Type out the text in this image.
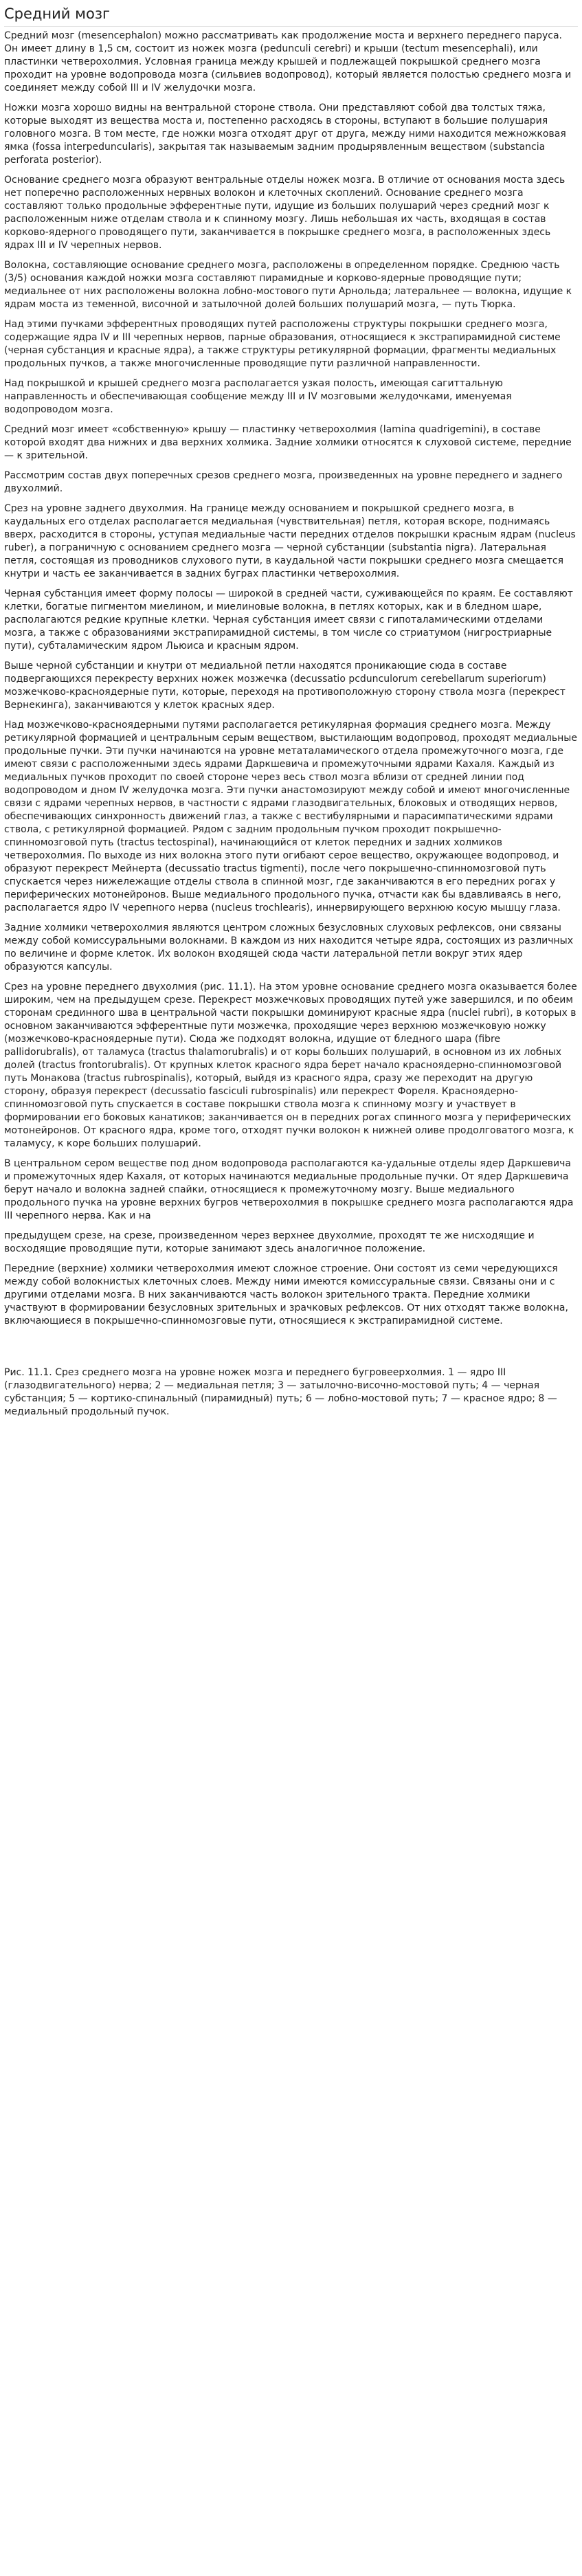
Средний мозг

Средний мозг (mesencephalon) можно рассматривать как продолжение моста и верхнего переднего паруса. Он имеет длину в 1,5 см, состоит из ножек мозга (pedunculi cerebri) и крыши (tectum mesencephali), или пластинки четверохолмия. Условная граница между крышей и подлежащей покрышкой среднего мозга проходит на уровне водопровода мозга (сильвиев водопровод), который является полостью среднего мозга и соединяет между собой III и IV желудочки мозга.

Ножки мозга хорошо видны на вентральной стороне ствола. Они представляют собой два толстых тяжа, которые выходят из вещества моста и, постепенно расходясь в стороны, вступают в большие полушария головного мозга. В том месте, где ножки мозга отходят друг от друга, между ними находится межножковая ямка (fossa interpeduncularis), закрытая так называемым задним продырявленным веществом (substancia perforata posterior).

Основание среднего мозга образуют вентральные отделы ножек мозга. В отличие от основания моста здесь нет поперечно расположенных нервных волокон и клеточных скоплений. Основание среднего мозга составляют только продольные эфферентные пути, идущие из больших полушарий через средний мозг к расположенным ниже отделам ствола и к спинному мозгу. Лишь небольшая их часть, входящая в состав корково-ядерного проводящего пути, заканчивается в покрышке среднего мозга, в расположенных здесь ядрах III и IV черепных нервов.

Волокна, составляющие основание среднего мозга, расположены в определенном порядке. Среднюю часть (3/5) основания каждой ножки мозга составляют пирамидные и корково-ядерные проводящие пути; медиальнее от них расположены волокна лобно-мостового пути Арнольда; латеральнее — волокна, идущие к ядрам моста из теменной, височной и затылочной долей больших полушарий мозга, — путь Тюрка.

Над этими пучками эфферентных проводящих путей расположены структуры покрышки среднего мозга, содержащие ядра IV и III черепных нервов, парные образования, относящиеся к экстрапирамидной системе (черная субстанция и красные ядра), а также структуры ретикулярной формации, фрагменты медиальных продольных пучков, а также многочисленные проводящие пути различной направленности.

Над покрышкой и крышей среднего мозга располагается узкая полость, имеющая сагиттальную направленность и обеспечивающая сообщение между III и IV мозговыми желудочками, именуемая водопроводом мозга.

Средний мозг имеет «собственную» крышу — пластинку четверохолмия (lamina quadrigemini), в составе которой входят два нижних и два верхних холмика. Задние холмики относятся к слуховой системе, передние — к зрительной.

Рассмотрим состав двух поперечных срезов среднего мозга, произведенных на уровне переднего и заднего двухолмий.

Срез на уровне заднего двухолмия. На границе между основанием и покрышкой среднего мозга, в каудальных его отделах располагается медиальная (чувствительная) петля, которая вскоре, поднимаясь вверх, расходится в стороны, уступая медиальные части передних отделов покрышки красным ядрам (nucleus ruber), а пограничную с основанием среднего мозга — черной субстанции (substantia nigra). Латеральная петля, состоящая из проводников слухового пути, в каудальной части покрышки среднего мозга смещается кнутри и часть ее заканчивается в задних буграх пластинки четверохолмия.

Черная субстанция имеет форму полосы — широкой в средней части, суживающейся по краям. Ее составляют клетки, богатые пигментом миелином, и миелиновые волокна, в петлях которых, как и в бледном шаре, располагаются редкие крупные клетки. Черная субстанция имеет связи с гипоталамическими отделами мозга, а также с образованиями экстрапирамидной системы, в том числе со стриатумом (нигростриарные пути), субталамическим ядром Льюиса и красным ядром.

Выше черной субстанции и кнутри от медиальной петли находятся проникающие сюда в составе подвергающихся перекресту верхних ножек мозжечка (decussatio pcdunculorum cerebellarum superiorum) мозжечково-красноядерные пути, которые, переходя на противоположную сторону ствола мозга (перекрест Вернекинга), заканчиваются у клеток красных ядер.

Над мозжечково-красноядерными путями располагается ретикулярная формация среднего мозга. Между ретикулярной формацией и центральным серым веществом, выстилающим водопровод, проходят медиальные продольные пучки. Эти пучки начинаются на уровне метаталамического отдела промежуточного мозга, где имеют связи с расположенными здесь ядрами Даркшевича и промежуточными ядрами Кахаля. Каждый из медиальных пучков проходит по своей стороне через весь ствол мозга вблизи от средней линии под водопроводом и дном IV желудочка мозга. Эти пучки анастомозируют между собой и имеют многочисленные связи с ядрами черепных нервов, в частности с ядрами глазодвигательных, блоковых и отводящих нервов, обеспечивающих синхронность движений глаз, а также с вестибулярными и парасимпатическими ядрами ствола, с ретикулярной формацией. Рядом с задним продольным пучком проходит покрышечно-спинномозговой путь (tractus tectospinal), начинающийся от клеток передних и задних холмиков четверохолмия. По выходе из них волокна этого пути огибают серое вещество, окружающее водопровод, и образуют перекрест Мейнерта (decussatio tractus tigmenti), после чего покрышечно-спинномозговой путь спускается через нижележащие отделы ствола в спинной мозг, где заканчиваются в его передних рогах у периферических мотонейронов. Выше медиального продольного пучка, отчасти как бы вдавливаясь в него, располагается ядро IV черепного нерва (nucleus trochlearis), иннервирующего верхнюю косую мышцу глаза.

Задние холмики четверохолмия являются центром сложных безусловных слуховых рефлексов, они связаны между собой комиссуральными волокнами. В каждом из них находится четыре ядра, состоящих из различных по величине и форме клеток. Их волокон входящей сюда части латеральной петли вокруг этих ядер образуются капсулы.

Срез на уровне переднего двухолмия (рис. 11.1). На этом уровне основание среднего мозга оказывается более широким, чем на предыдущем срезе. Перекрест мозжечковых проводящих путей уже завершился, и по обеим сторонам срединного шва в центральной части покрышки доминируют красные ядра (nuclei rubri), в которых в основном заканчиваются эфферентные пути мозжечка, проходящие через верхнюю мозжечковую ножку (мозжечково-красноядерные пути). Сюда же подходят волокна, идущие от бледного шара (fibre pallidorubralis), от таламуса (tractus thalamorubralis) и от коры больших полушарий, в основном из их лобных долей (tractus frontorubralis). От крупных клеток красного ядра берет начало красноядерно-спинномозговой путь Монакова (tractus rubrospinalis), который, выйдя из красного ядра, сразу же переходит на другую сторону, образуя перекрест (decussatio fasciculi rubrospinalis) или перекрест Фореля. Красноядерно-спинномозговой путь спускается в составе покрышки ствола мозга к спинному мозгу и участвует в формировании его боковых канатиков; заканчивается он в передних рогах спинного мозга у периферических мотонейронов. От красного ядра, кроме того, отходят пучки волокон к нижней оливе продолговатого мозга, к таламусу, к коре больших полушарий.

В центральном сером веществе под дном водопровода располагаются ка-удальные отделы ядер Даркшевича и промежуточных ядер Кахаля, от которых начинаются медиальные продольные пучки. От ядер Даркшевича берут начало и волокна задней спайки, относящиеся к промежуточному мозгу. Выше медиального продольного пучка на уровне верхних бугров четверохолмия в покрышке среднего мозга располагаются ядра III черепного нерва. Как и на

предыдущем срезе, на срезе, произведенном через верхнее двухолмие, проходят те же нисходящие и восходящие проводящие пути, которые занимают здесь аналогичное положение.

Передние (верхние) холмики четверохолмия имеют сложное строение. Они состоят из семи чередующихся между собой волокнистых клеточных слоев. Между ними имеются комиссуральные связи. Связаны они и с другими отделами мозга. В них заканчиваются часть волокон зрительного тракта. Передние холмики участвуют в формировании безусловных зрительных и зрачковых рефлексов. От них отходят также волокна, включающиеся в покрышечно-спинномозговые пути, относящиеся к экстрапирамидной системе.

Рис. 11.1. Срез среднего мозга на уровне ножек мозга и переднего бугровеерхолмия. 1 — ядро III (глазодвигательного) нерва; 2 — медиальная петля; 3 — затылочно-височно-мостовой путь; 4 — черная субстанция; 5 — кортико-спинальный (пирамидный) путь; 6 — лобно-мостовой путь; 7 — красное ядро; 8 — медиальный продольный пучок.
